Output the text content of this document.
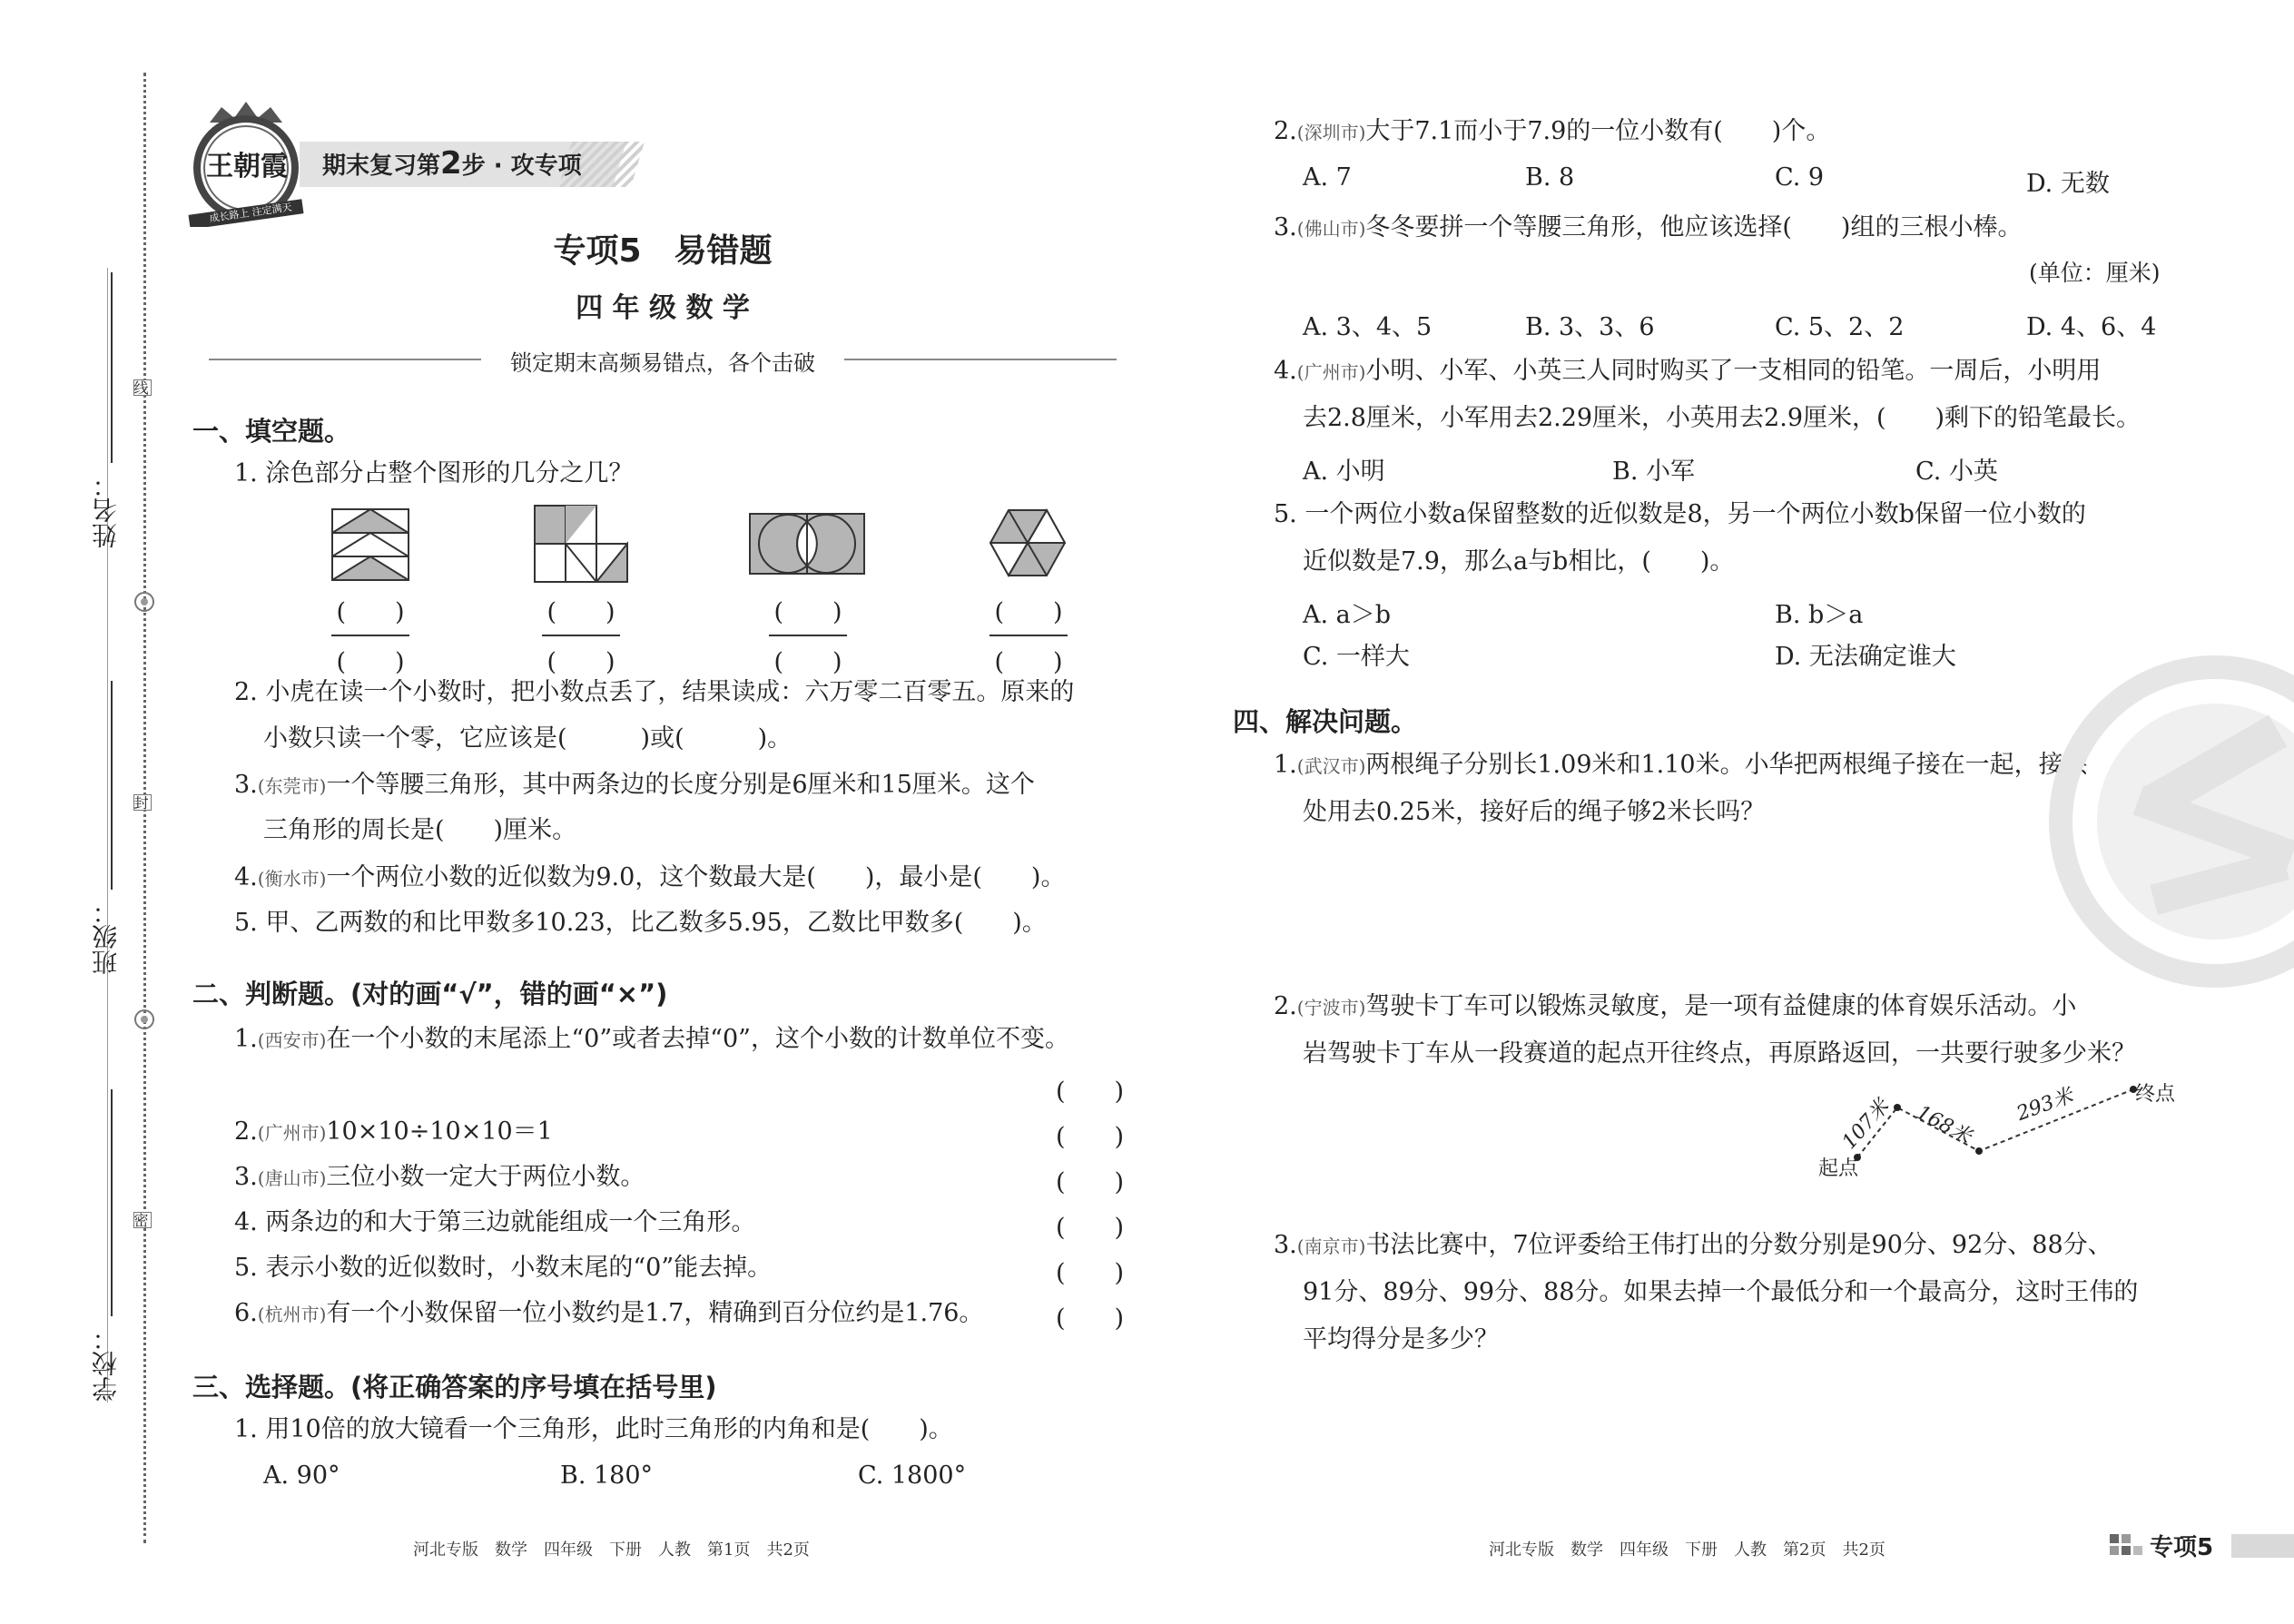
姓名：
班级：
学校：
线
封
密
王朝霞
成长路上 注定满天
期末复习第2步 · 攻专项
专项5　易错题
四 年 级 数 学
锁定期末高频易错点，各个击破
一、填空题。
1. 涂色部分占整个图形的几分之几？
(　　)
(　　)
(　　)
(　　)
(　　)
(　　)
(　　)
(　　)
2. 小虎在读一个小数时，把小数点丢了，结果读成：六万零二百零五。原来的
小数只读一个零，它应该是(　　　)或(　　　)。
3.(东莞市)一个等腰三角形，其中两条边的长度分别是6厘米和15厘米。这个
三角形的周长是(　　)厘米。
4.(衡水市)一个两位小数的近似数为9.0，这个数最大是(　　)，最小是(　　)。
5. 甲、乙两数的和比甲数多10.23，比乙数多5.95，乙数比甲数多(　　)。
二、判断题。(对的画“√”，错的画“×”)
1.(西安市)在一个小数的末尾添上“0”或者去掉“0”，这个小数的计数单位不变。
(　　)
2.(广州市)10×10÷10×10＝1	(　　)
3.(唐山市)三位小数一定大于两位小数。	(　　)
4. 两条边的和大于第三边就能组成一个三角形。	(　　)
5. 表示小数的近似数时，小数末尾的“0”能去掉。	(　　)
6.(杭州市)有一个小数保留一位小数约是1.7，精确到百分位约是1.76。	(　　)
三、选择题。(将正确答案的序号填在括号里)
1. 用10倍的放大镜看一个三角形，此时三角形的内角和是(　　)。
A. 90°	B. 180°	C. 1800°
河北专版　数学　四年级　下册　人教　第1页　共2页
2.(深圳市)大于7.1而小于7.9的一位小数有(　　)个。
A. 7	B. 8	C. 9	D. 无数
3.(佛山市)冬冬要拼一个等腰三角形，他应该选择(　　)组的三根小棒。
(单位：厘米)
A. 3、4、5	B. 3、3、6	C. 5、2、2	D. 4、6、4
4.(广州市)小明、小军、小英三人同时购买了一支相同的铅笔。一周后，小明用
去2.8厘米，小军用去2.29厘米，小英用去2.9厘米，(　　)剩下的铅笔最长。
A. 小明	B. 小军	C. 小英
5. 一个两位小数a保留整数的近似数是8，另一个两位小数b保留一位小数的
近似数是7.9，那么a与b相比，(　　)。
A. a＞b	B. b＞a
C. 一样大	D. 无法确定谁大
四、解决问题。
1.(武汉市)两根绳子分别长1.09米和1.10米。小华把两根绳子接在一起，接头
处用去0.25米，接好后的绳子够2米长吗？
2.(宁波市)驾驶卡丁车可以锻炼灵敏度，是一项有益健康的体育娱乐活动。小
岩驾驶卡丁车从一段赛道的起点开往终点，再原路返回，一共要行驶多少米？
107米 168米 293米
起点
终点
3.(南京市)书法比赛中，7位评委给王伟打出的分数分别是90分、92分、88分、
91分、89分、99分、88分。如果去掉一个最低分和一个最高分，这时王伟的
平均得分是多少？
河北专版　数学　四年级　下册　人教　第2页　共2页	专项5
